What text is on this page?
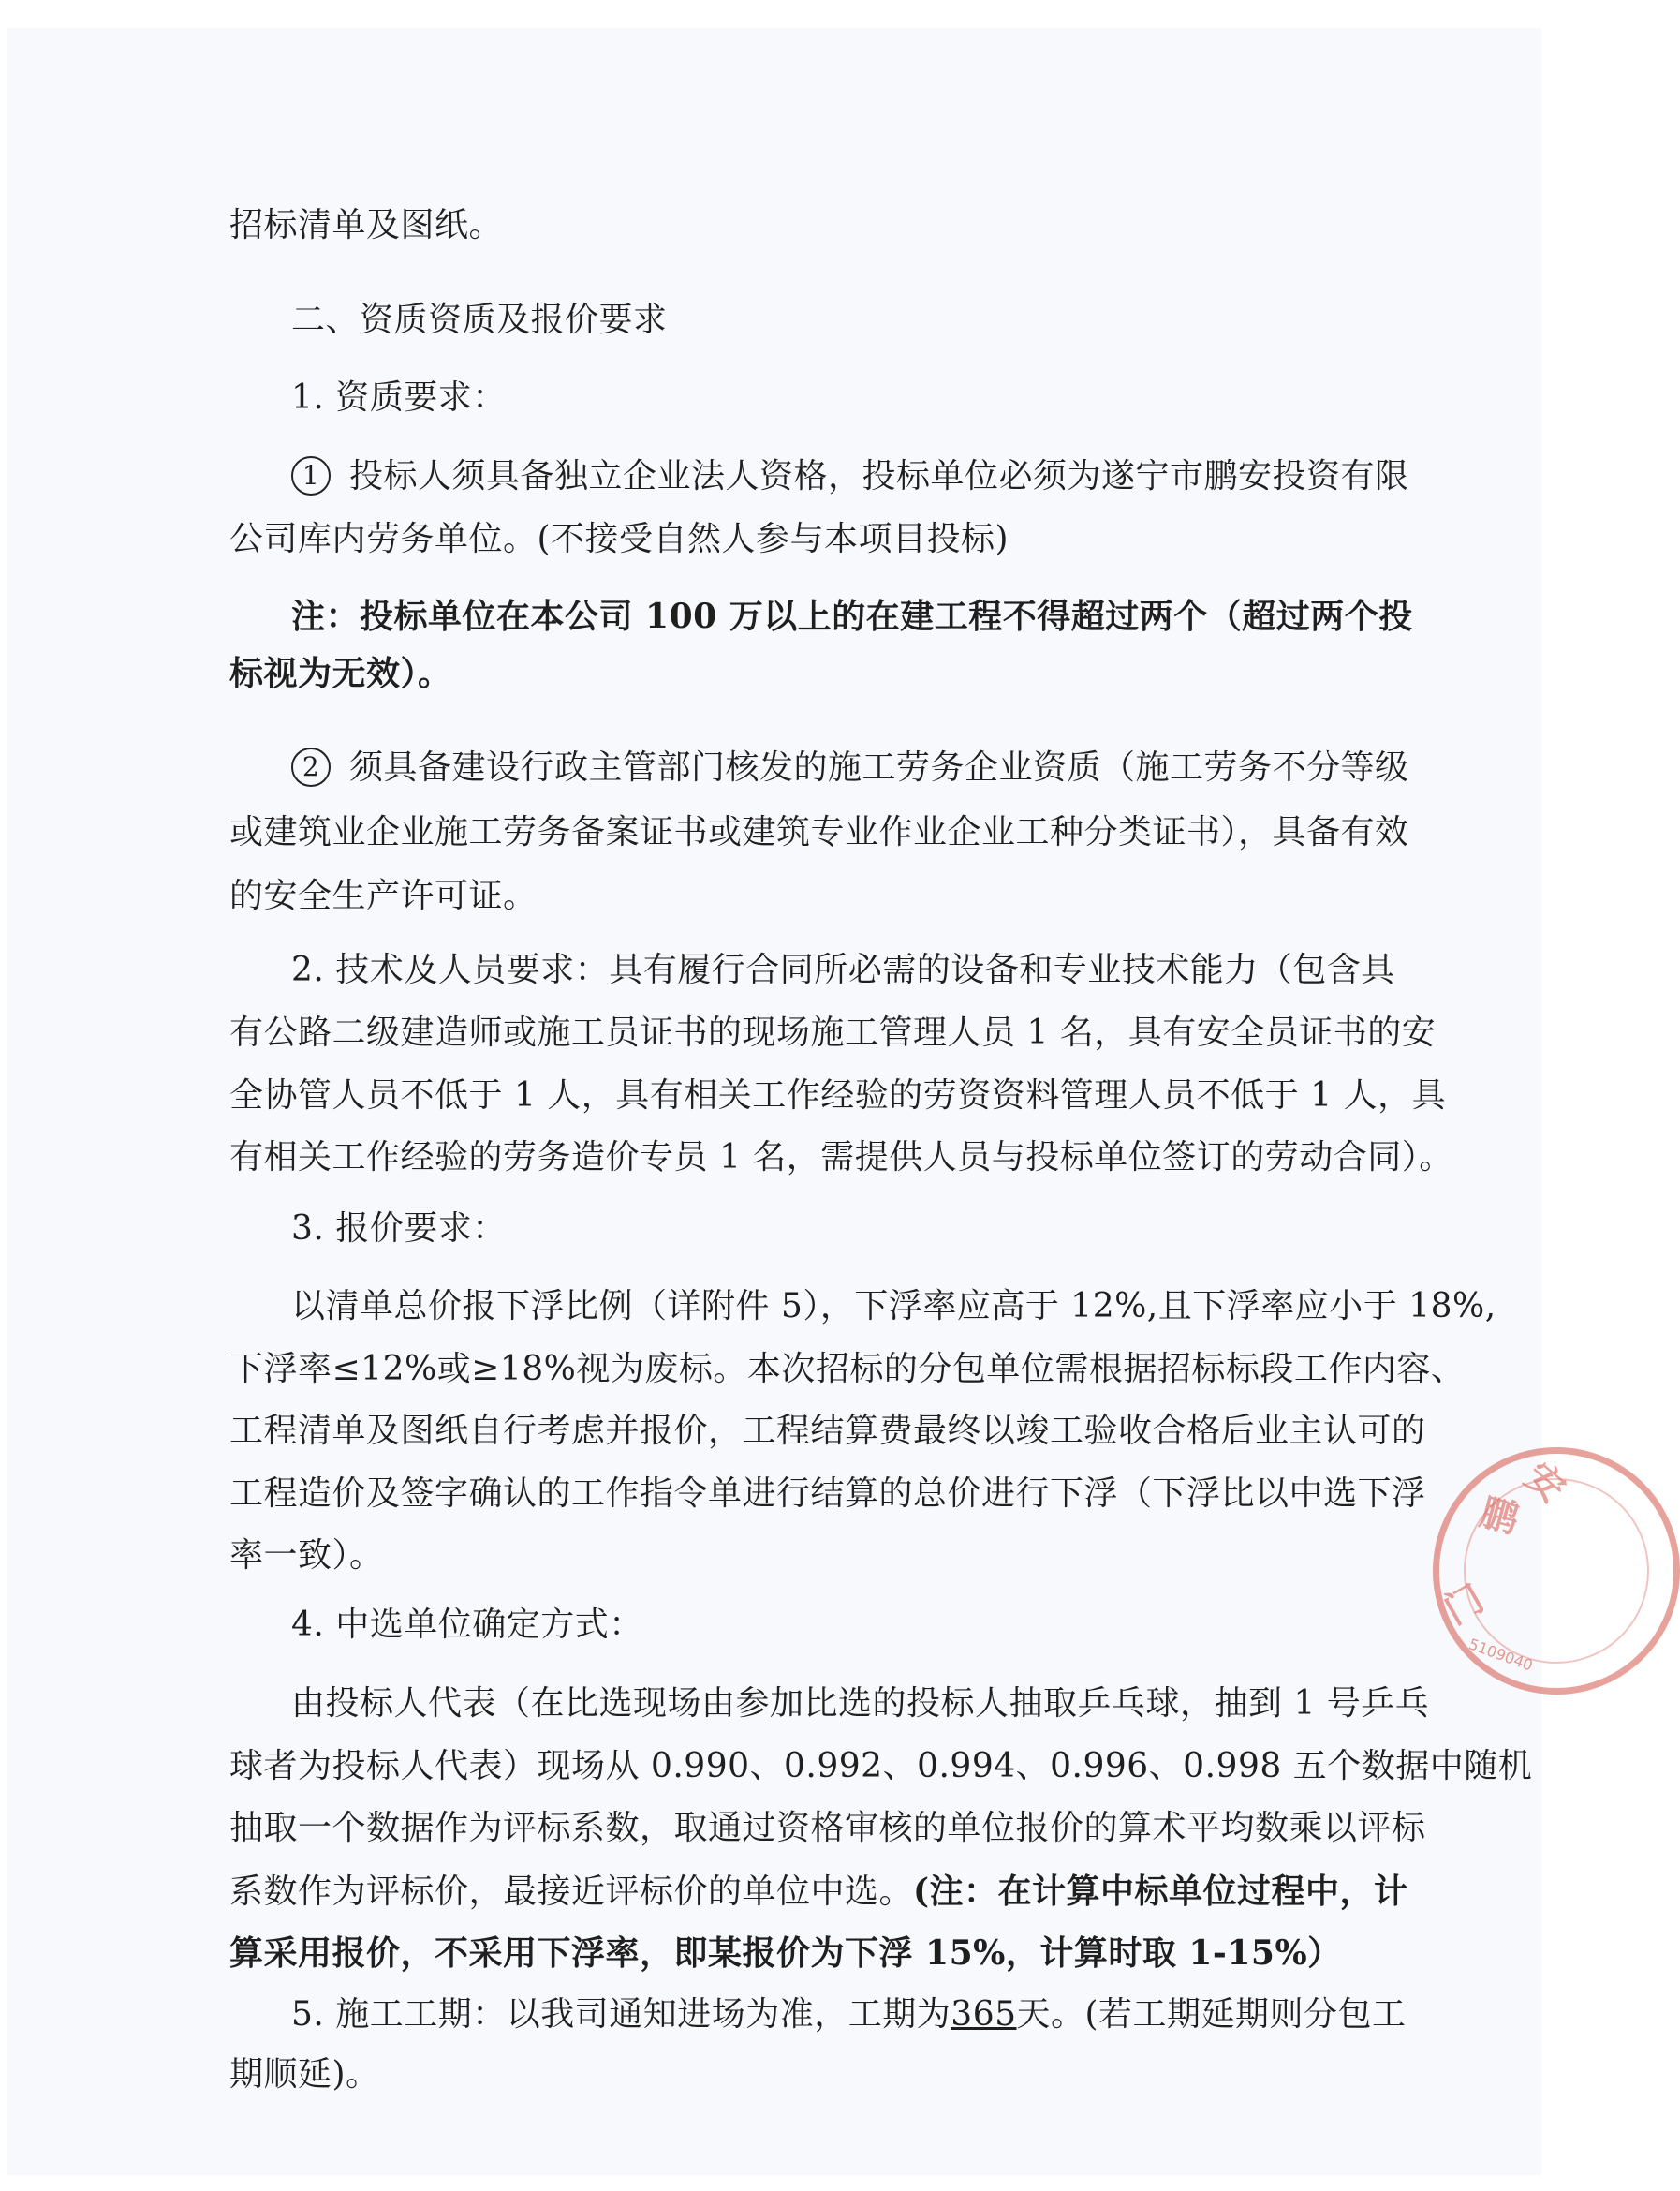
招标清单及图纸。

二、资质资质及报价要求

1. 资质要求：

1 投标人须具备独立企业法人资格，投标单位必须为遂宁市鹏安投资有限

公司库内劳务单位。(不接受自然人参与本项目投标)

注：投标单位在本公司 100 万以上的在建工程不得超过两个（超过两个投

标视为无效）。

2 须具备建设行政主管部门核发的施工劳务企业资质（施工劳务不分等级

或建筑业企业施工劳务备案证书或建筑专业作业企业工种分类证书），具备有效

的安全生产许可证。

2. 技术及人员要求：具有履行合同所必需的设备和专业技术能力（包含具

有公路二级建造师或施工员证书的现场施工管理人员 1 名，具有安全员证书的安

全协管人员不低于 1 人，具有相关工作经验的劳资资料管理人员不低于 1 人，具

有相关工作经验的劳务造价专员 1 名，需提供人员与投标单位签订的劳动合同）。

3. 报价要求：

以清单总价报下浮比例（详附件 5），下浮率应高于 12%,且下浮率应小于 18%,

下浮率≤12%或≥18%视为废标。本次招标的分包单位需根据招标标段工作内容、

工程清单及图纸自行考虑并报价，工程结算费最终以竣工验收合格后业主认可的

工程造价及签字确认的工作指令单进行结算的总价进行下浮（下浮比以中选下浮

率一致）。

4. 中选单位确定方式：

由投标人代表（在比选现场由参加比选的投标人抽取乒乓球，抽到 1 号乒乓

球者为投标人代表）现场从 0.990、0.992、0.994、0.996、0.998 五个数据中随机

抽取一个数据作为评标系数，取通过资格审核的单位报价的算术平均数乘以评标

系数作为评标价，最接近评标价的单位中选。(注：在计算中标单位过程中，计

算采用报价，不采用下浮率，即某报价为下浮 15%，计算时取 1-15%）

5. 施工工期：以我司通知进场为准，工期为365天。(若工期延期则分包工

期顺延)。

鹏
安
门
5109040
